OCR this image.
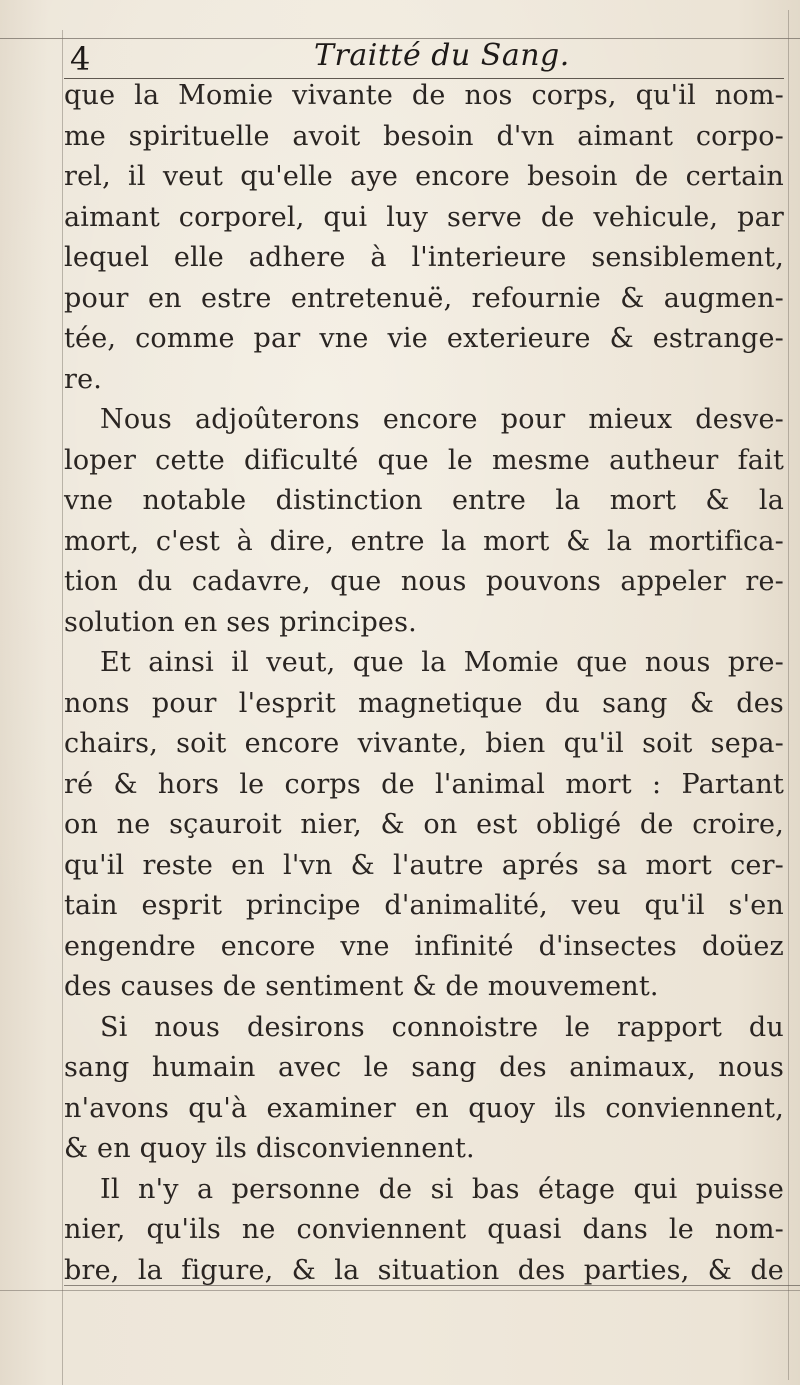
4	Traitté du Sang.
que la Momie vivante de nos corps, qu'il nom-
me spirituelle avoit besoin d'vn aimant corpo-
rel, il veut qu'elle aye encore besoin de certain
aimant corporel, qui luy serve de vehicule, par
lequel elle adhere à l'interieure sensiblement,
pour en estre entretenuë, refournie & augmen-
tée, comme par vne vie exterieure & estrange-
re.
Nous adjoûterons encore pour mieux desve-
loper cette dificulté que le mesme autheur fait
vne notable distinction entre la mort & la
mort, c'est à dire, entre la mort & la mortifica-
tion du cadavre, que nous pouvons appeler re-
solution en ses principes.
Et ainsi il veut, que la Momie que nous pre-
nons pour l'esprit magnetique du sang & des
chairs, soit encore vivante, bien qu'il soit sepa-
ré & hors le corps de l'animal mort : Partant
on ne sçauroit nier, & on est obligé de croire,
qu'il reste en l'vn & l'autre aprés sa mort cer-
tain esprit principe d'animalité, veu qu'il s'en
engendre encore vne infinité d'insectes doüez
des causes de sentiment & de mouvement.
Si nous desirons connoistre le rapport du
sang humain avec le sang des animaux, nous
n'avons qu'à examiner en quoy ils conviennent,
& en quoy ils disconviennent.
Il n'y a personne de si bas étage qui puisse
nier, qu'ils ne conviennent quasi dans le nom-
bre, la figure, & la situation des parties, & de
